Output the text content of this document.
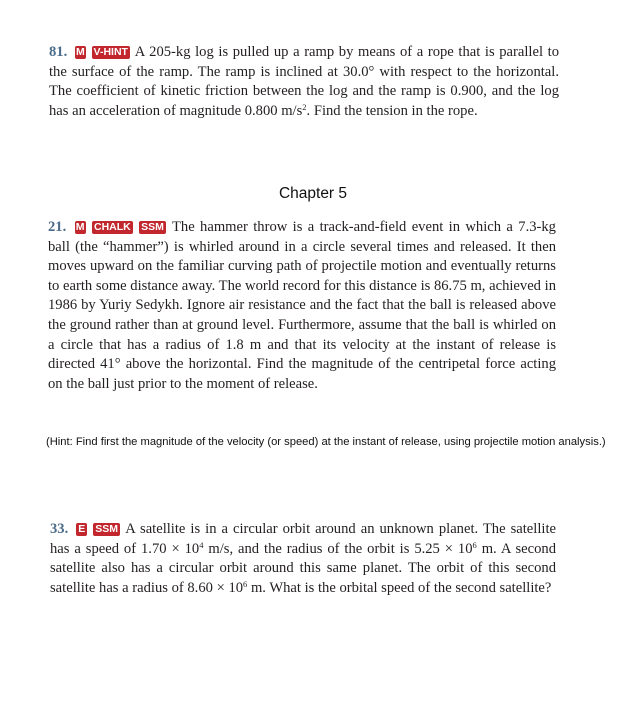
81. M V-HINT A 205-kg log is pulled up a ramp by means of a rope that is parallel to the surface of the ramp. The ramp is inclined at 30.0° with respect to the horizontal. The coefficient of kinetic friction between the log and the ramp is 0.900, and the log has an acceleration of magnitude 0.800 $m/s^2$. Find the tension in the rope.

Chapter 5

21. M CHALK SSM The hammer throw is a track-and-field event in which a 7.3-kg ball (the “hammer”) is whirled around in a circle several times and released. It then moves upward on the familiar curving path of projectile motion and eventually returns to earth some distance away. The world record for this distance is 86.75 m, achieved in 1986 by Yuriy Sedykh. Ignore air resistance and the fact that the ball is released above the ground rather than at ground level. Furthermore, assume that the ball is whirled on a circle that has a radius of 1.8 m and that its velocity at the instant of release is directed 41° above the horizontal. Find the magnitude of the centripetal force acting on the ball just prior to the moment of release.

(Hint: Find first the magnitude of the velocity (or speed) at the instant of release, using projectile motion analysis.)

33. E SSM A satellite is in a circular orbit around an unknown planet. The satellite has a speed of $1.70 \times 10^4$ m/s, and the radius of the orbit is $5.25 \times 10^6$ m. A second satellite also has a circular orbit around this same planet. The orbit of this second satellite has a radius of $8.60 \times 10^6$ m. What is the orbital speed of the second satellite?
